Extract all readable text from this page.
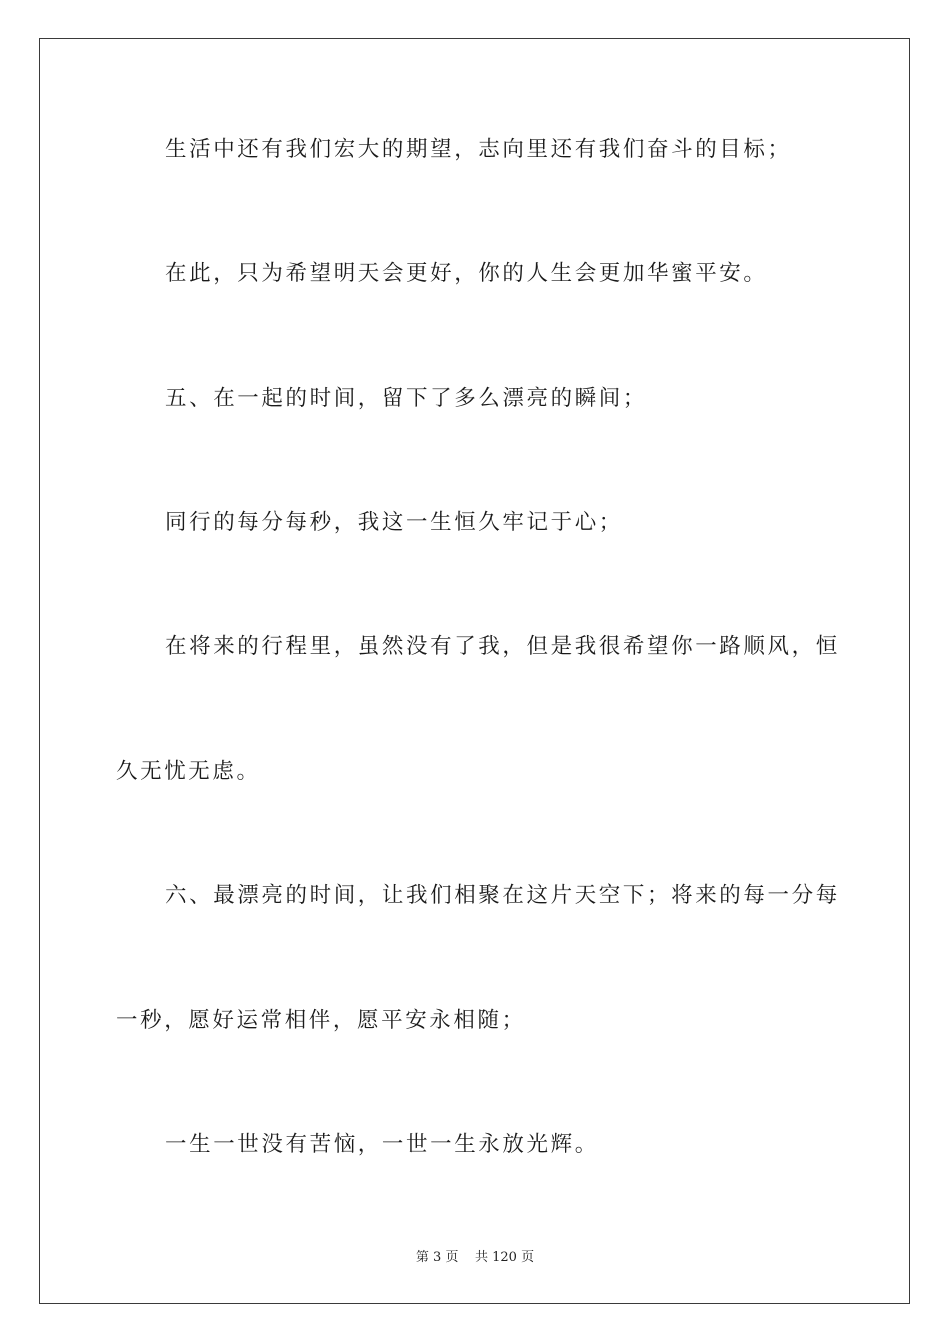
生活中还有我们宏大的期望，志向里还有我们奋斗的目标；

在此，只为希望明天会更好，你的人生会更加华蜜平安。

五、在一起的时间，留下了多么漂亮的瞬间；

同行的每分每秒，我这一生恒久牢记于心；

在将来的行程里，虽然没有了我，但是我很希望你一路顺风，恒

久无忧无虑。

六、最漂亮的时间，让我们相聚在这片天空下；将来的每一分每

一秒，愿好运常相伴，愿平安永相随；

一生一世没有苦恼，一世一生永放光辉。

第 3 页    共 120 页
